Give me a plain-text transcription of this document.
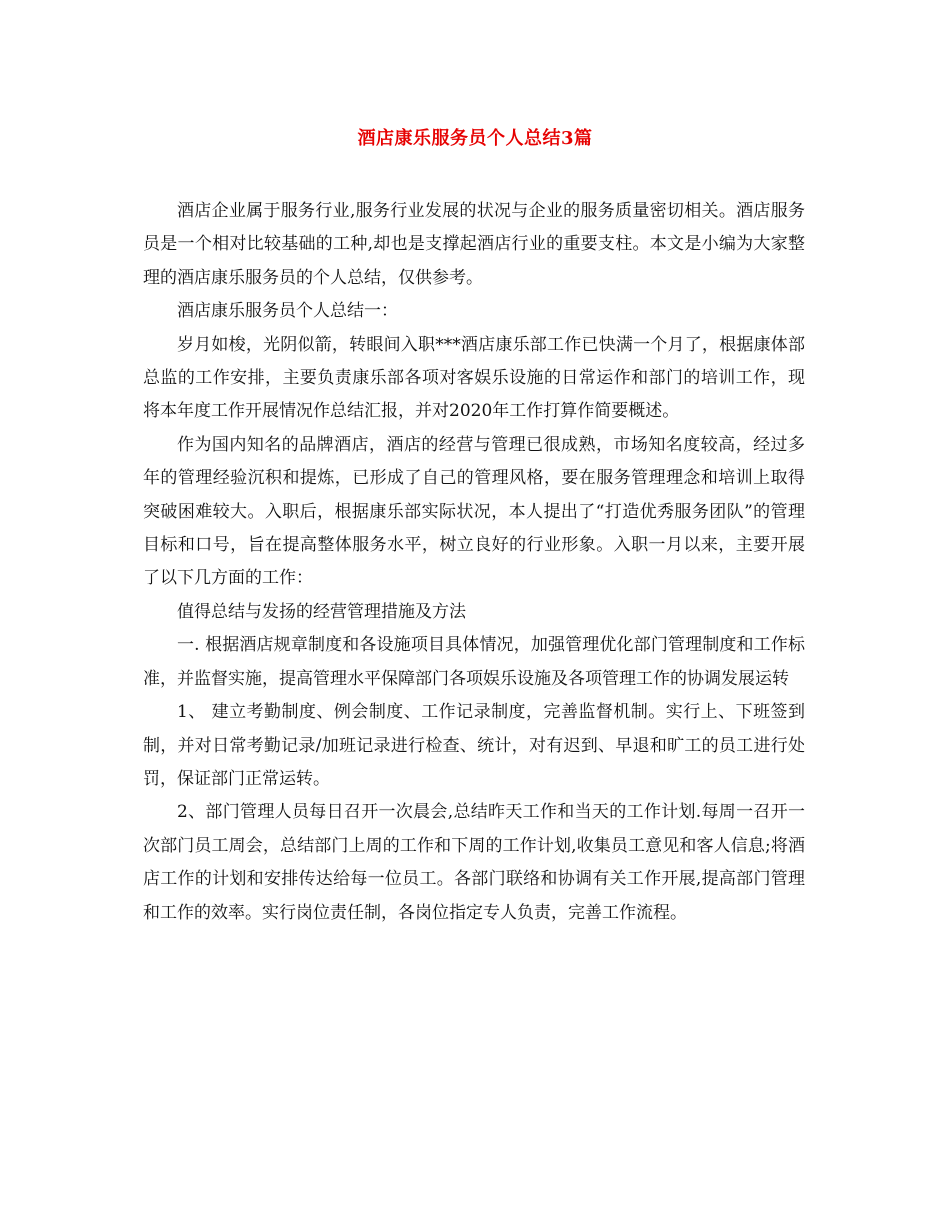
酒店康乐服务员个人总结3篇

酒店企业属于服务行业,服务行业发展的状况与企业的服务质量密切相关。酒店服务员是一个相对比较基础的工种,却也是支撑起酒店行业的重要支柱。本文是小编为大家整理的酒店康乐服务员的个人总结，仅供参考。

酒店康乐服务员个人总结一：

岁月如梭，光阴似箭，转眼间入职***酒店康乐部工作已快满一个月了，根据康体部总监的工作安排，主要负责康乐部各项对客娱乐设施的日常运作和部门的培训工作，现将本年度工作开展情况作总结汇报，并对2020年工作打算作简要概述。

作为国内知名的品牌酒店，酒店的经营与管理已很成熟，市场知名度较高，经过多年的管理经验沉积和提炼，已形成了自己的管理风格，要在服务管理理念和培训上取得突破困难较大。入职后，根据康乐部实际状况，本人提出了“打造优秀服务团队”的管理目标和口号，旨在提高整体服务水平，树立良好的行业形象。入职一月以来，主要开展了以下几方面的工作：

值得总结与发扬的经营管理措施及方法

一. 根据酒店规章制度和各设施项目具体情况，加强管理优化部门管理制度和工作标准，并监督实施，提高管理水平保障部门各项娱乐设施及各项管理工作的协调发展运转

1、 建立考勤制度、例会制度、工作记录制度，完善监督机制。实行上、下班签到制，并对日常考勤记录/加班记录进行检查、统计，对有迟到、早退和旷工的员工进行处罚，保证部门正常运转。

2、部门管理人员每日召开一次晨会,总结昨天工作和当天的工作计划.每周一召开一次部门员工周会，总结部门上周的工作和下周的工作计划,收集员工意见和客人信息;将酒店工作的计划和安排传达给每一位员工。各部门联络和协调有关工作开展,提高部门管理和工作的效率。实行岗位责任制，各岗位指定专人负责，完善工作流程。
